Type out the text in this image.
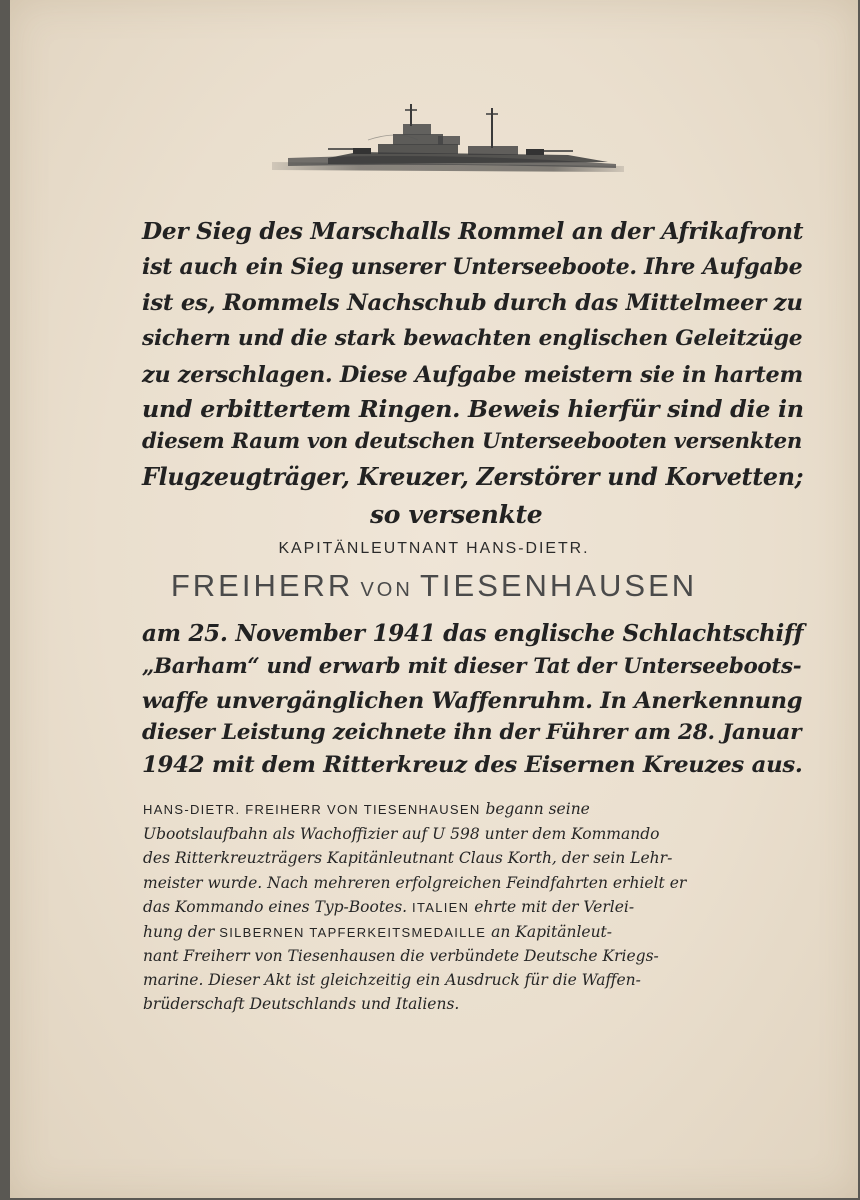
Der Sieg des Marschalls Rommel an der Afrikafront
ist auch ein Sieg unserer Unterseeboote. Ihre Aufgabe
ist es, Rommels Nachschub durch das Mittelmeer zu
sichern und die stark bewachten englischen Geleitzüge
zu zerschlagen. Diese Aufgabe meistern sie in hartem
und erbittertem Ringen. Beweis hierfür sind die in
diesem Raum von deutschen Unterseebooten versenkten
Flugzeugträger, Kreuzer, Zerstörer und Korvetten;
so versenkte
KAPITÄNLEUTNANT HANS-DIETR.
FREIHERR VON TIESENHAUSEN
am 25. November 1941 das englische Schlachtschiff
„Barham“ und erwarb mit dieser Tat der Unterseeboots-
waffe unvergänglichen Waffenruhm. In Anerkennung
dieser Leistung zeichnete ihn der Führer am 28. Januar
1942 mit dem Ritterkreuz des Eisernen Kreuzes aus.
HANS-DIETR. FREIHERR VON TIESENHAUSEN begann seine
Ubootslaufbahn als Wachoffizier auf U 598 unter dem Kommando
des Ritterkreuzträgers Kapitänleutnant Claus Korth, der sein Lehr-
meister wurde. Nach mehreren erfolgreichen Feindfahrten erhielt er
das Kommando eines Typ-Bootes. ITALIEN ehrte mit der Verlei-
hung der SILBERNEN TAPFERKEITSMEDAILLE an Kapitänleut-
nant Freiherr von Tiesenhausen die verbündete Deutsche Kriegs-
marine. Dieser Akt ist gleichzeitig ein Ausdruck für die Waffen-
brüderschaft Deutschlands und Italiens.
